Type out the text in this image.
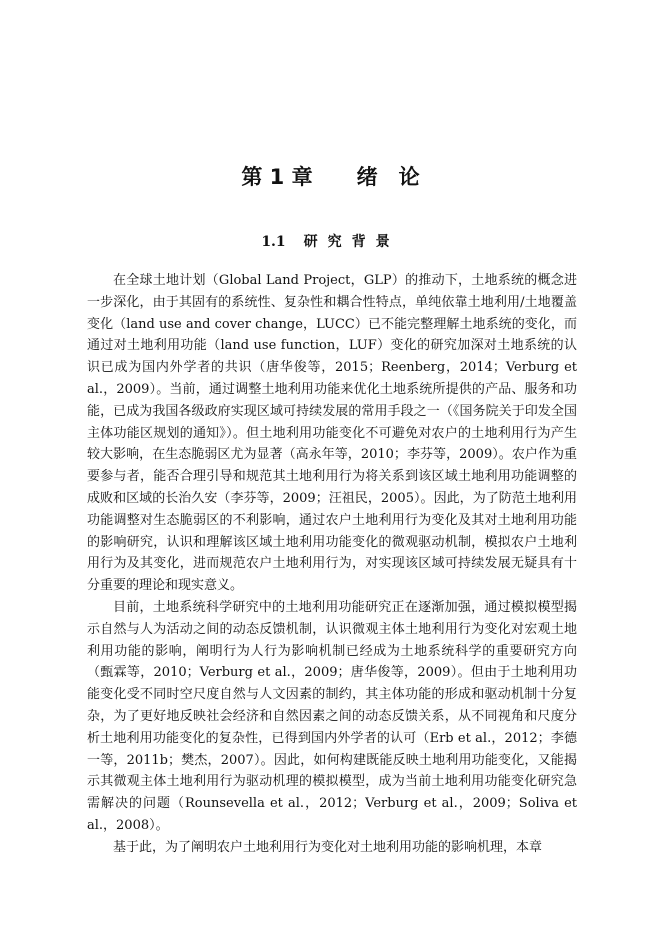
第 1 章 绪　论
1.1 研究背景

在全球土地计划（Global Land Project，GLP）的推动下，土地系统的概念进一步深化，由于其固有的系统性、复杂性和耦合性特点，单纯依靠土地利用/土地覆盖变化（land use and cover change，LUCC）已不能完整理解土地系统的变化，而通过对土地利用功能（land use function，LUF）变化的研究加深对土地系统的认识已成为国内外学者的共识（唐华俊等，2015；Reenberg，2014；Verburg et al.，2009）。当前，通过调整土地利用功能来优化土地系统所提供的产品、服务和功能，已成为我国各级政府实现区域可持续发展的常用手段之一（《国务院关于印发全国主体功能区规划的通知》）。但土地利用功能变化不可避免对农户的土地利用行为产生较大影响，在生态脆弱区尤为显著（高永年等，2010；李芬等，2009）。农户作为重要参与者，能否合理引导和规范其土地利用行为将关系到该区域土地利用功能调整的成败和区域的长治久安（李芬等，2009；汪祖民，2005）。因此，为了防范土地利用功能调整对生态脆弱区的不利影响，通过农户土地利用行为变化及其对土地利用功能的影响研究，认识和理解该区域土地利用功能变化的微观驱动机制，模拟农户土地利用行为及其变化，进而规范农户土地利用行为，对实现该区域可持续发展无疑具有十分重要的理论和现实意义。

目前，土地系统科学研究中的土地利用功能研究正在逐渐加强，通过模拟模型揭示自然与人为活动之间的动态反馈机制，认识微观主体土地利用行为变化对宏观土地利用功能的影响，阐明行为人行为影响机制已经成为土地系统科学的重要研究方向（甄霖等，2010；Verburg et al.，2009；唐华俊等，2009）。但由于土地利用功能变化受不同时空尺度自然与人文因素的制约，其主体功能的形成和驱动机制十分复杂，为了更好地反映社会经济和自然因素之间的动态反馈关系，从不同视角和尺度分析土地利用功能变化的复杂性，已得到国内外学者的认可（Erb et al.，2012；李德一等，2011b；樊杰，2007）。因此，如何构建既能反映土地利用功能变化，又能揭示其微观主体土地利用行为驱动机理的模拟模型，成为当前土地利用功能变化研究急需解决的问题（Rounsevella et al.，2012；Verburg et al.，2009；Soliva et al.，2008）。

基于此，为了阐明农户土地利用行为变化对土地利用功能的影响机理，本章
